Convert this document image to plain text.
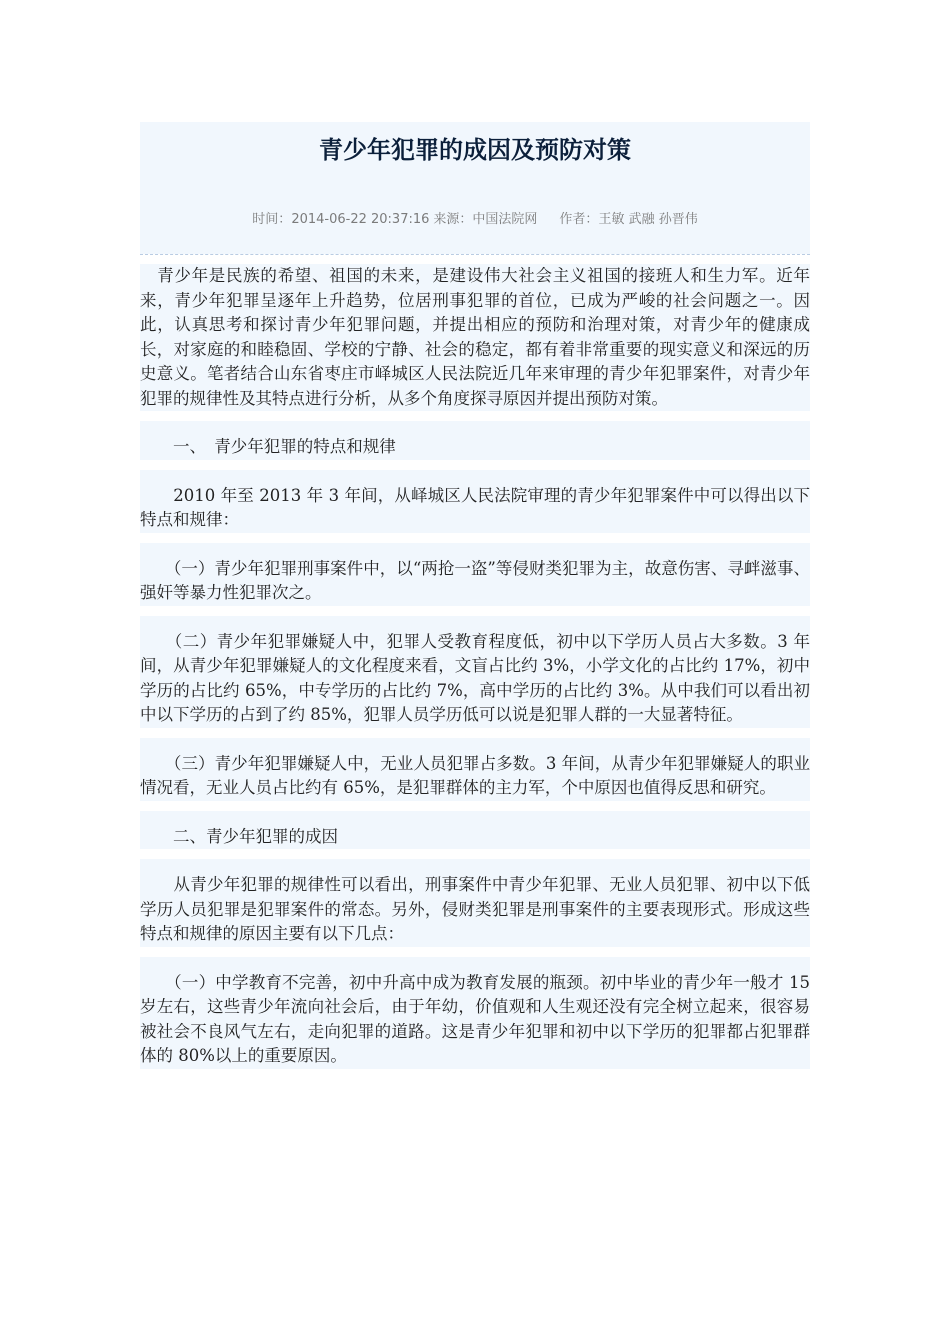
青少年犯罪的成因及预防对策
时间：2014-06-22 20:37:16 来源：中国法院网 作者：王敏 武融 孙晋伟

　青少年是民族的希望、祖国的未来，是建设伟大社会主义祖国的接班人和生力军。近年来，青少年犯罪呈逐年上升趋势，位居刑事犯罪的首位，已成为严峻的社会问题之一。因此，认真思考和探讨青少年犯罪问题，并提出相应的预防和治理对策，对青少年的健康成长，对家庭的和睦稳固、学校的宁静、社会的稳定，都有着非常重要的现实意义和深远的历史意义。笔者结合山东省枣庄市峄城区人民法院近几年来审理的青少年犯罪案件，对青少年犯罪的规律性及其特点进行分析，从多个角度探寻原因并提出预防对策。

　　一、　青少年犯罪的特点和规律

　　2010 年至 2013 年 3 年间，从峄城区人民法院审理的青少年犯罪案件中可以得出以下特点和规律：

　　（一）青少年犯罪刑事案件中，以“两抢一盗”等侵财类犯罪为主，故意伤害、寻衅滋事、强奸等暴力性犯罪次之。

　　（二）青少年犯罪嫌疑人中，犯罪人受教育程度低，初中以下学历人员占大多数。3 年间，从青少年犯罪嫌疑人的文化程度来看，文盲占比约 3%，小学文化的占比约 17%，初中学历的占比约 65%，中专学历的占比约 7%，高中学历的占比约 3%。从中我们可以看出初中以下学历的占到了约 85%，犯罪人员学历低可以说是犯罪人群的一大显著特征。

　　（三）青少年犯罪嫌疑人中，无业人员犯罪占多数。3 年间，从青少年犯罪嫌疑人的职业情况看，无业人员占比约有 65%，是犯罪群体的主力军，个中原因也值得反思和研究。

　　二、青少年犯罪的成因

　　从青少年犯罪的规律性可以看出，刑事案件中青少年犯罪、无业人员犯罪、初中以下低学历人员犯罪是犯罪案件的常态。另外，侵财类犯罪是刑事案件的主要表现形式。形成这些特点和规律的原因主要有以下几点：

　　（一）中学教育不完善，初中升高中成为教育发展的瓶颈。初中毕业的青少年一般才 15 岁左右，这些青少年流向社会后，由于年幼，价值观和人生观还没有完全树立起来，很容易被社会不良风气左右，走向犯罪的道路。这是青少年犯罪和初中以下学历的犯罪都占犯罪群体的 80%以上的重要原因。
